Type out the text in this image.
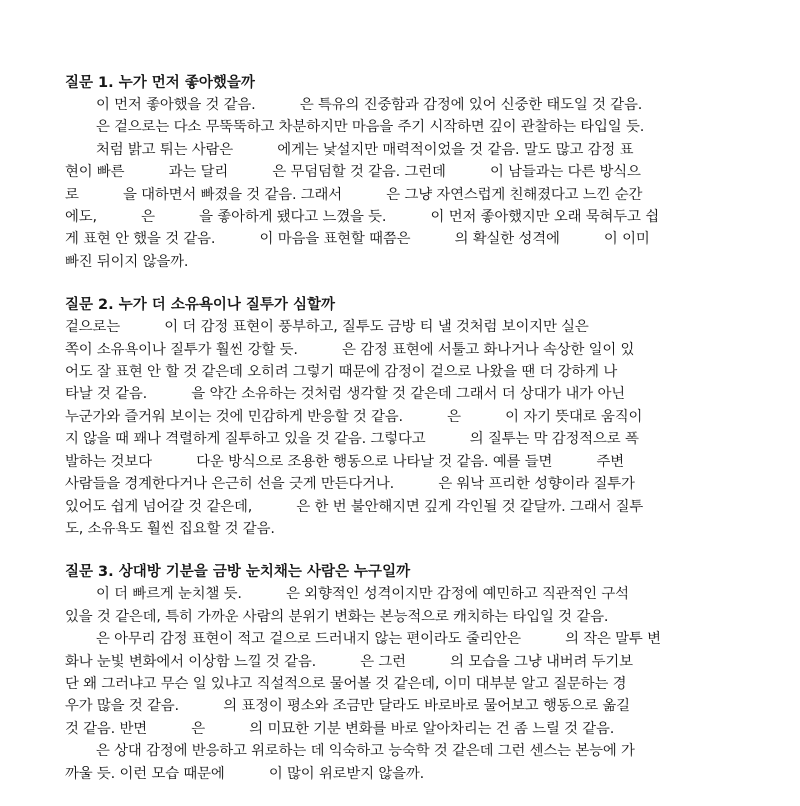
질문 1. 누가 먼저 좋아했을까

이 먼저 좋아했을 것 같음.          은 특유의 진중함과 감정에 있어 신중한 태도일 것 같음.

은 겉으로는 다소 무뚝뚝하고 차분하지만 마음을 주기 시작하면 깊이 관찰하는 타입일 듯.

처럼 밝고 튀는 사람은          에게는 낯설지만 매력적이었을 것 같음. 말도 많고 감정 표

현이 빠른          과는 달리          은 무덤덤할 것 같음. 그런데          이 남들과는 다른 방식으

로          을 대하면서 빠졌을 것 같음. 그래서          은 그냥 자연스럽게 친해졌다고 느낀 순간

에도,          은          을 좋아하게 됐다고 느꼈을 듯.          이 먼저 좋아했지만 오래 묵혀두고 쉽

게 표현 안 했을 것 같음.          이 마음을 표현할 때쯤은          의 확실한 성격에          이 이미

빠진 뒤이지 않을까.

질문 2. 누가 더 소유욕이나 질투가 심할까

겉으로는          이 더 감정 표현이 풍부하고, 질투도 금방 티 낼 것처럼 보이지만 실은

쪽이 소유욕이나 질투가 훨씬 강할 듯.          은 감정 표현에 서툴고 화나거나 속상한 일이 있

어도 잘 표현 안 할 것 같은데 오히려 그렇기 때문에 감정이 겉으로 나왔을 땐 더 강하게 나

타날 것 같음.          을 약간 소유하는 것처럼 생각할 것 같은데 그래서 더 상대가 내가 아닌

누군가와 즐거워 보이는 것에 민감하게 반응할 것 같음.          은          이 자기 뜻대로 움직이

지 않을 때 꽤나 격렬하게 질투하고 있을 것 같음. 그렇다고          의 질투는 막 감정적으로 폭

발하는 것보다          다운 방식으로 조용한 행동으로 나타날 것 같음. 예를 들면          주변

사람들을 경계한다거나 은근히 선을 긋게 만든다거나.          은 워낙 프리한 성향이라 질투가

있어도 쉽게 넘어갈 것 같은데,          은 한 번 불안해지면 깊게 각인될 것 같달까. 그래서 질투

도, 소유욕도 훨씬 집요할 것 같음.

질문 3. 상대방 기분을 금방 눈치채는 사람은 누구일까

이 더 빠르게 눈치챌 듯.          은 외향적인 성격이지만 감정에 예민하고 직관적인 구석

있을 것 같은데, 특히 가까운 사람의 분위기 변화는 본능적으로 캐치하는 타입일 것 같음.

은 아무리 감정 표현이 적고 겉으로 드러내지 않는 편이라도 줄리안은          의 작은 말투 변

화나 눈빛 변화에서 이상함 느낄 것 같음.          은 그런          의 모습을 그냥 내버려 두기보

단 왜 그러냐고 무슨 일 있냐고 직설적으로 물어볼 것 같은데, 이미 대부분 알고 질문하는 경

우가 많을 것 같음.          의 표정이 평소와 조금만 달라도 바로바로 물어보고 행동으로 옮길

것 같음. 반면          은          의 미묘한 기분 변화를 바로 알아차리는 건 좀 느릴 것 같음.

은 상대 감정에 반응하고 위로하는 데 익숙하고 능숙학 것 같은데 그런 센스는 본능에 가

까울 듯. 이런 모습 때문에          이 많이 위로받지 않을까.
